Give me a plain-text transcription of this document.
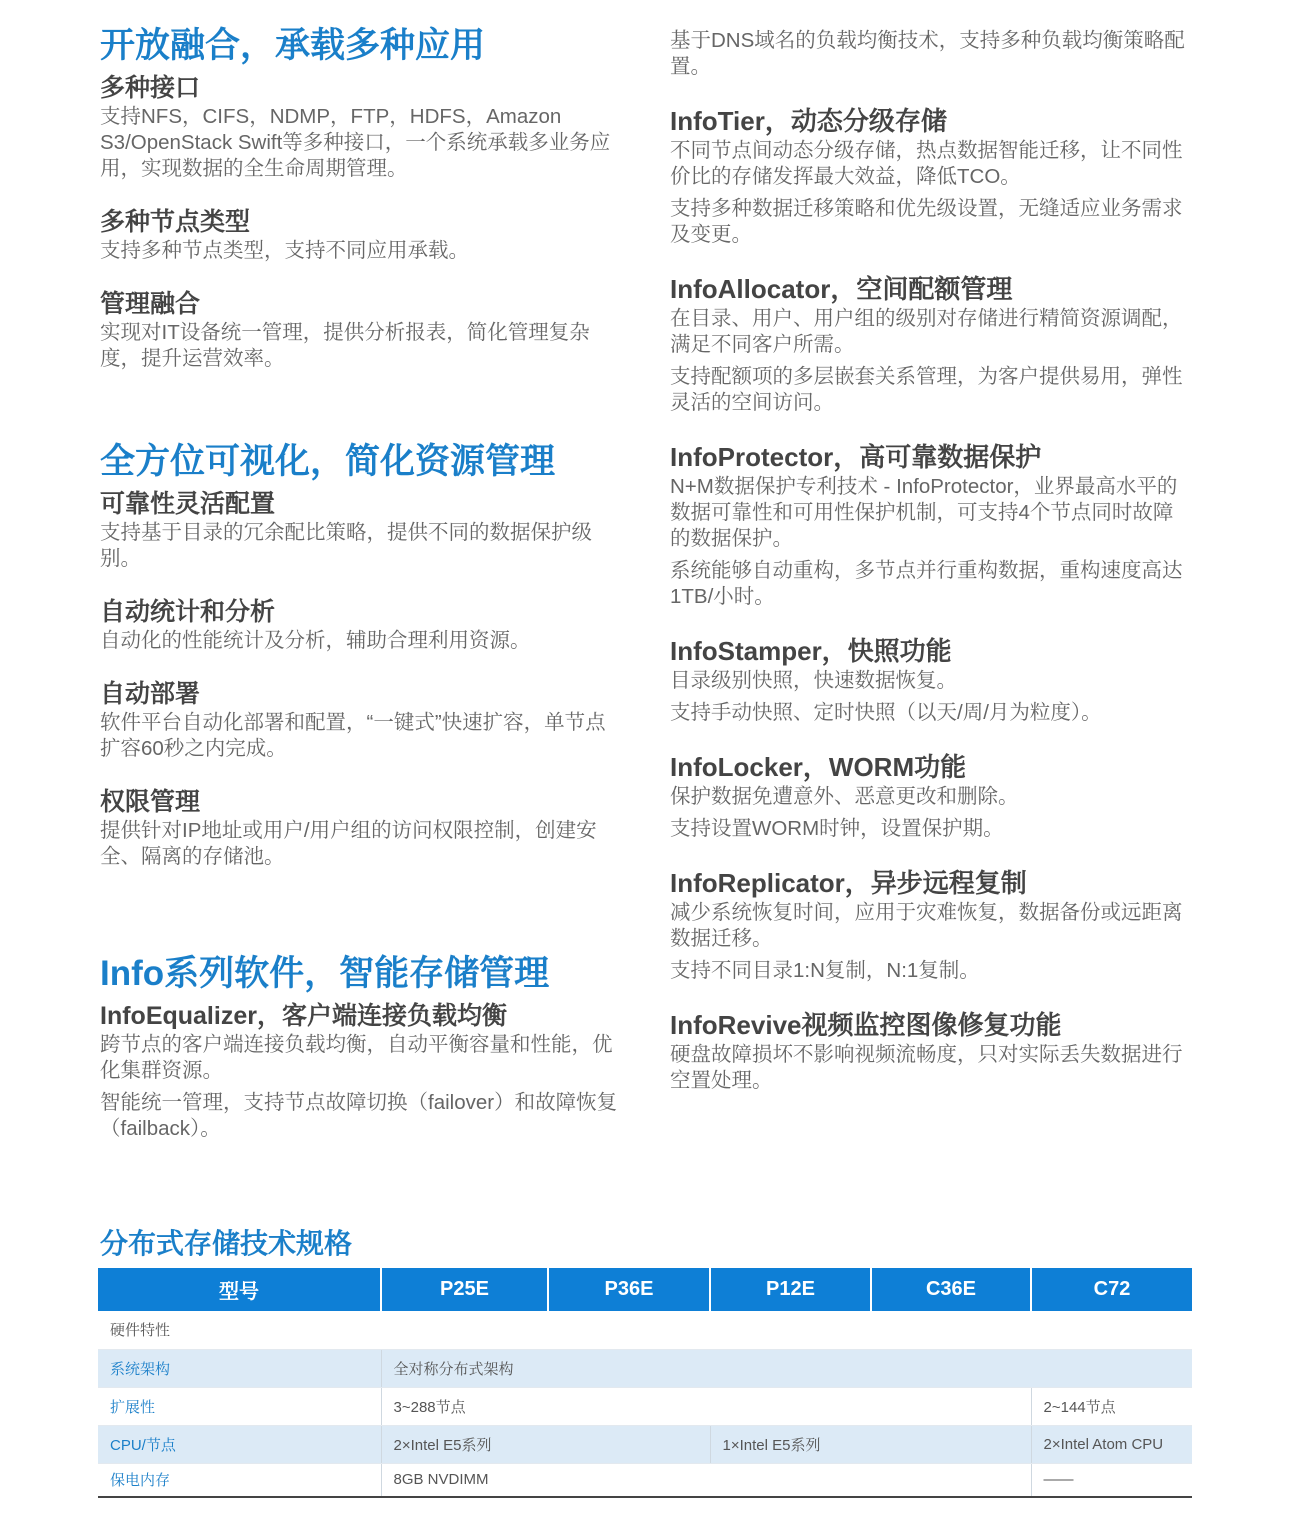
开放融合，承载多种应用
多种接口
支持NFS，CIFS，NDMP，FTP，HDFS，Amazon S3/OpenStack Swift等多种接口，一个系统承载多业务应用，实现数据的全生命周期管理。
多种节点类型
支持多种节点类型，支持不同应用承载。
管理融合
实现对IT设备统一管理，提供分析报表，简化管理复杂度，提升运营效率。
全方位可视化，简化资源管理
可靠性灵活配置
支持基于目录的冗余配比策略，提供不同的数据保护级别。
自动统计和分析
自动化的性能统计及分析，辅助合理利用资源。
自动部署
软件平台自动化部署和配置，“一键式”快速扩容，单节点扩容60秒之内完成。
权限管理
提供针对IP地址或用户/用户组的访问权限控制，创建安全、隔离的存储池。
Info系列软件，智能存储管理
InfoEqualizer，客户端连接负载均衡
跨节点的客户端连接负载均衡，自动平衡容量和性能，优化集群资源。
智能统一管理，支持节点故障切换（failover）和故障恢复（failback）。
基于DNS域名的负载均衡技术，支持多种负载均衡策略配置。
InfoTier，动态分级存储
不同节点间动态分级存储，热点数据智能迁移，让不同性价比的存储发挥最大效益，降低TCO。
支持多种数据迁移策略和优先级设置，无缝适应业务需求及变更。
InfoAllocator，空间配额管理
在目录、用户、用户组的级别对存储进行精简资源调配，满足不同客户所需。
支持配额项的多层嵌套关系管理，为客户提供易用，弹性灵活的空间访问。
InfoProtector，高可靠数据保护
N+M数据保护专利技术 - InfoProtector，业界最高水平的数据可靠性和可用性保护机制，可支持4个节点同时故障的数据保护。
系统能够自动重构，多节点并行重构数据，重构速度高达1TB/小时。
InfoStamper，快照功能
目录级别快照，快速数据恢复。
支持手动快照、定时快照（以天/周/月为粒度）。
InfoLocker，WORM功能
保护数据免遭意外、恶意更改和删除。
支持设置WORM时钟，设置保护期。
InfoReplicator，异步远程复制
减少系统恢复时间，应用于灾难恢复，数据备份或远距离数据迁移。
支持不同目录1:N复制，N:1复制。
InfoRevive视频监控图像修复功能
硬盘故障损坏不影响视频流畅度，只对实际丢失数据进行空置处理。
分布式存储技术规格
型号	P25E	P36E	P12E	C36E	C72
硬件特性					
系统架构	全对称分布式架构				
扩展性	3~288节点				2~144节点
CPU/节点	2×Intel E5系列		1×Intel E5系列		2×Intel Atom CPU
保电内存	8GB NVDIMM				——
